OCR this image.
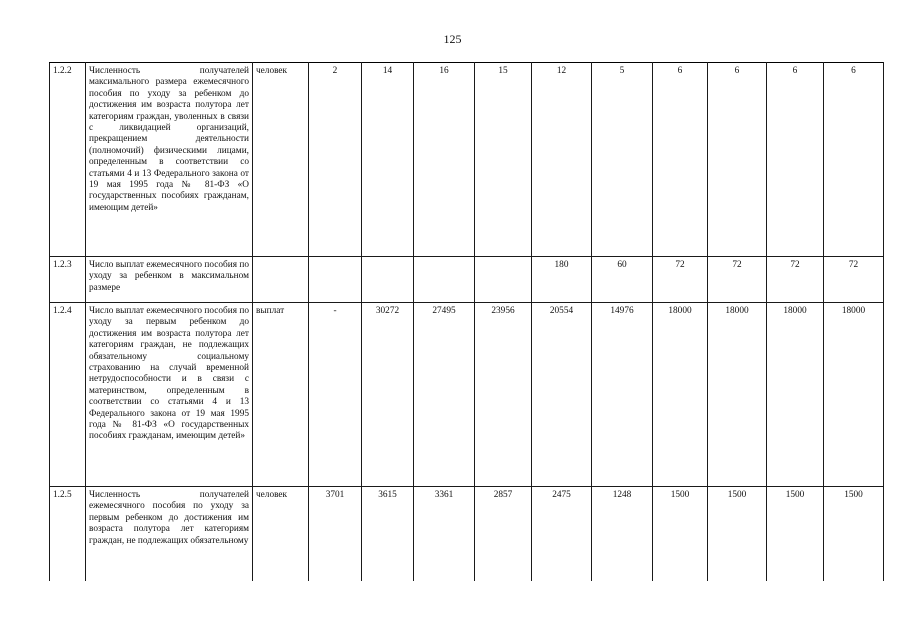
125
1.2.2	Численность получателей максимального размера ежемесячного пособия по уходу за ребенком до достижения им возраста полутора лет категориям граждан, уволенных в связи с ликвидацией организаций, прекращением деятельности (полномочий) физическими лицами, определенным в соответствии со статьями 4 и 13 Федерального закона от 19 мая 1995 года № 81-ФЗ «О государственных пособиях гражданам, имеющим детей»	человек	2	14	16	15	12	5	6	6	6	6
1.2.3	Число выплат ежемесячного пособия по уходу за ребенком в максимальном размере						180	60	72	72	72	72
1.2.4	Число выплат ежемесячного пособия по уходу за первым ребенком до достижения им возраста полутора лет категориям граждан, не подлежащих обязательному социальному страхованию на случай временной нетрудоспособности и в связи с материнством, определенным в соответствии со статьями 4 и 13 Федерального закона от 19 мая 1995 года № 81-ФЗ «О государственных пособиях гражданам, имеющим детей»	выплат	-	30272	27495	23956	20554	14976	18000	18000	18000	18000
1.2.5	Численность получателей ежемесячного пособия по уходу за первым ребенком до достижения им возраста полутора лет категориям граждан, не подлежащих обязательному	человек	3701	3615	3361	2857	2475	1248	1500	1500	1500	1500
